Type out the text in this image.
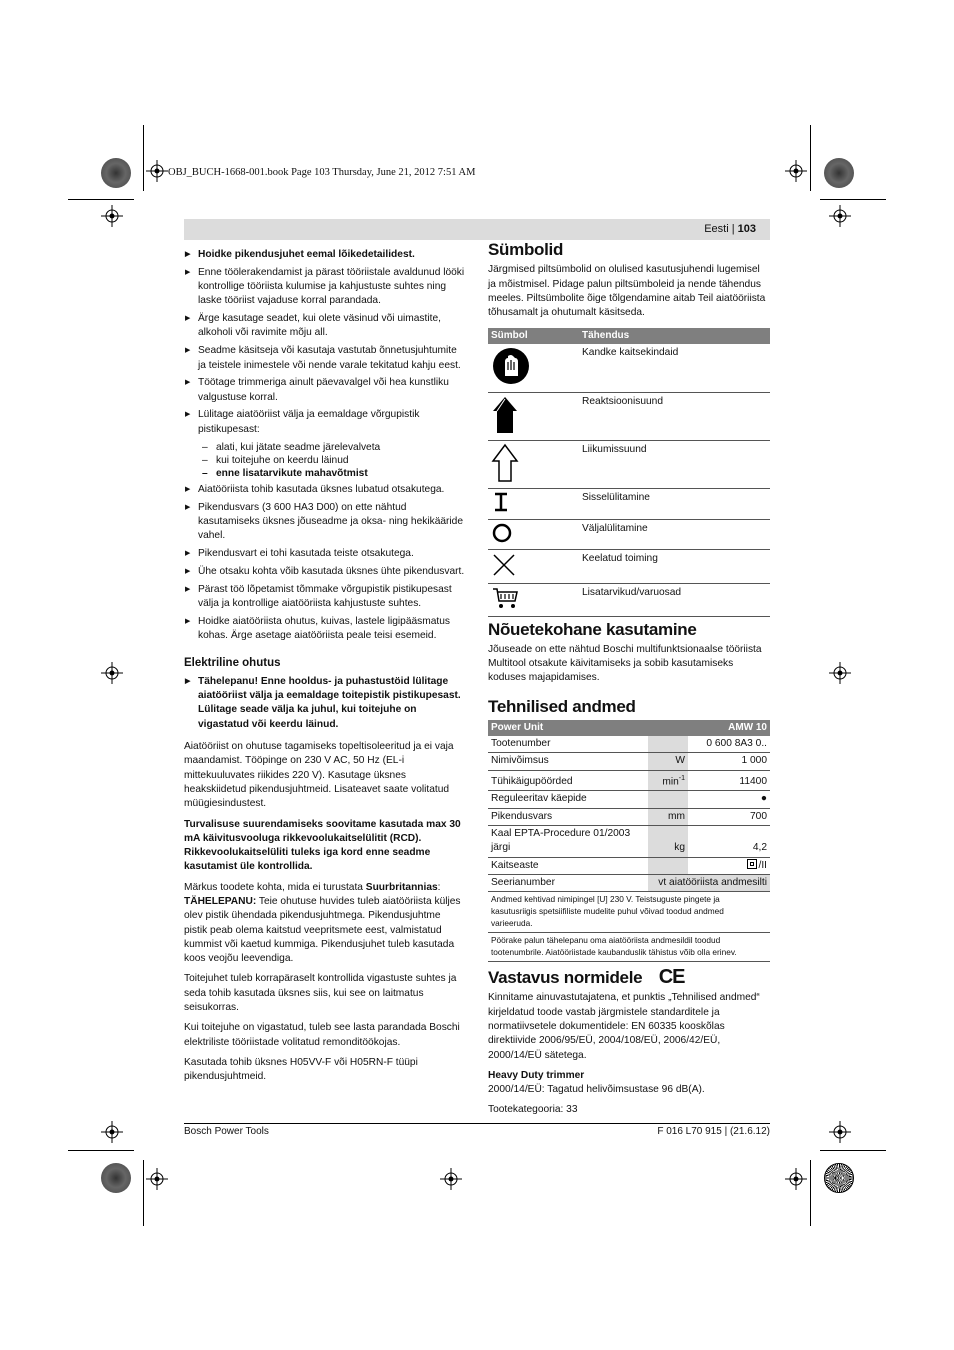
OBJ_BUCH-1668-001.book Page 103 Thursday, June 21, 2012 7:51 AM
Eesti | 103
▶ Hoidke pikendusjuhet eemal lõikedetailidest.
▶ Enne töölerakendamist ja pärast tööriistale avaldunud lööki kontrollige tööriista kulumise ja kahjustuste suhtes ning laske tööriist vajaduse korral parandada.
▶ Ärge kasutage seadet, kui olete väsinud või uimastite, alkoholi või ravimite mõju all.
▶ Seadme käsitseja või kasutaja vastutab õnnetusjuhtumite ja teistele inimestele või nende varale tekitatud kahju eest.
▶ Töötage trimmeriga ainult päevavalgel või hea kunstliku valgustuse korral.
▶ Lülitage aiatööriist välja ja eemaldage võrgupistik pistikupesast:
– alati, kui jätate seadme järelevalveta
– kui toitejuhe on keerdu läinud
– enne lisatarvikute mahavõtmist
▶ Aiatööriista tohib kasutada üksnes lubatud otsakutega.
▶ Pikendusvars (3 600 HA3 D00) on ette nähtud kasutamiseks üksnes jõuseadme ja oksa- ning hekikääride vahel.
▶ Pikendusvart ei tohi kasutada teiste otsakutega.
▶ Ühe otsaku kohta võib kasutada üksnes ühte pikendusvart.
▶ Pärast töö lõpetamist tõmmake võrgupistik pistikupesast välja ja kontrollige aiatööriista kahjustuste suhtes.
▶ Hoidke aiatööriista ohutus, kuivas, lastele ligipääsmatus kohas. Ärge asetage aiatööriista peale teisi esemeid.
Elektriline ohutus
▶ Tähelepanu! Enne hooldus- ja puhastustöid lülitage aiatööriist välja ja eemaldage toitepistik pistikupesast. Lülitage seade välja ka juhul, kui toitejuhe on vigastatud või keerdu läinud.
Aiatööriist on ohutuse tagamiseks topeltisoleeritud ja ei vaja maandamist. Tööpinge on 230 V AC, 50 Hz (EL-i mittekuuluvates riikides 220 V). Kasutage üksnes heakskiidetud pikendusjuhtmeid. Lisateavet saate volitatud müügiesindustest.
Turvalisuse suurendamiseks soovitame kasutada max 30 mA käivitusvooluga rikkevoolukaitselülitit (RCD). Rikkevoolukaitselüliti tuleks iga kord enne seadme kasutamist üle kontrollida.
Märkus toodete kohta, mida ei turustata Suurbritannias:
TÄHELEPANU: Teie ohutuse huvides tuleb aiatööriista küljes olev pistik ühendada pikendusjuhtmega. Pikendusjuhtme pistik peab olema kaitstud veepritsmete eest, valmistatud kummist või kaetud kummiga. Pikendusjuhet tuleb kasutada koos veojõu leevendiga.
Toitejuhet tuleb korrapäraselt kontrollida vigastuste suhtes ja seda tohib kasutada üksnes siis, kui see on laitmatus seisukorras.
Kui toitejuhe on vigastatud, tuleb see lasta parandada Boschi elektriliste tööriistade volitatud remonditöökojas.
Kasutada tohib üksnes H05VV-F või H05RN-F tüüpi pikendusjuhtmeid.
Sümbolid
Järgmised piltsümbolid on olulised kasutusjuhendi lugemisel ja mõistmisel. Pidage palun piltsümboleid ja nende tähendus meeles. Piltsümbolite õige tõlgendamine aitab Teil aiatööriista tõhusamalt ja ohutumalt käsitseda.
Sümbol	Tähendus
	Kandke kaitsekindaid
	Reaktsioonisuund
	Liikumissuund
	Sisselülitamine
	Väljalülitamine
	Keelatud toiming
	Lisatarvikud/varuosad
Nõuetekohane kasutamine
Jõuseade on ette nähtud Boschi multifunktsionaalse tööriista Multitool otsakute käivitamiseks ja sobib kasutamiseks koduses majapidamises.
Tehnilised andmed
Power Unit		AMW 10
Tootenumber		0 600 8A3 0..
Nimivõimsus	W	1 000
Tühikäigupöörded	$\min^{-1}$	11400
Reguleeritav käepide		●
Pikendusvars	mm	700
Kaal EPTA-Procedure 01/2003 järgi	kg	4,2
Kaitseaste		/II
Seerianumber	vt aiatööriista andmesilti	
Andmed kehtivad nimipingel [U] 230 V. Teistsuguste pingete ja kasutusriigis spetsiifiliste mudelite puhul võivad toodud andmed varieeruda.
Pöörake palun tähelepanu oma aiatööriista andmesildil toodud tootenumbrile. Aiatööriistade kaubanduslik tähistus võib olla erinev.
Vastavus normidele CE
Kinnitame ainuvastutajatena, et punktis „Tehnilised andmed“ kirjeldatud toode vastab järgmistele standarditele ja normatiivsetele dokumentidele: EN 60335 kooskõlas direktiivide 2006/95/EÜ, 2004/108/EÜ, 2006/42/EÜ, 2000/14/EÜ sätetega.
Heavy Duty trimmer
2000/14/EÜ: Tagatud helivõimsustase 96 dB(A).
Tootekategooria: 33
Bosch Power Tools	F 016 L70 915 | (21.6.12)
